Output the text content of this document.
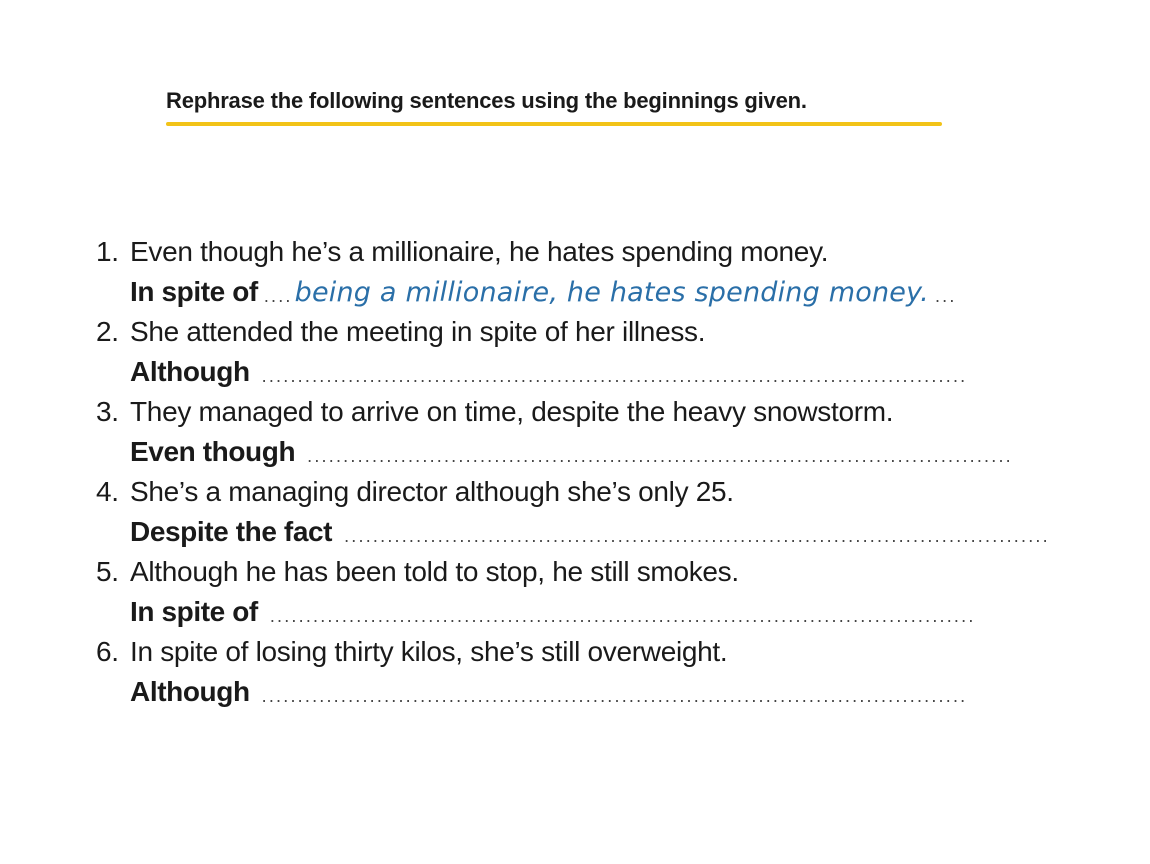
Rephrase the following sentences using the beginnings given.
1. Even though he’s a millionaire, he hates spending money.
In spite of ....being a millionaire, he hates spending money. ...
2. She attended the meeting in spite of her illness.
Although ..................................................................................................
3. They managed to arrive on time, despite the heavy snowstorm.
Even though ..................................................................................................
4. She’s a managing director although she’s only 25.
Despite the fact ..................................................................................................
5. Although he has been told to stop, he still smokes.
In spite of ..................................................................................................
6. In spite of losing thirty kilos, she’s still overweight.
Although ..................................................................................................
